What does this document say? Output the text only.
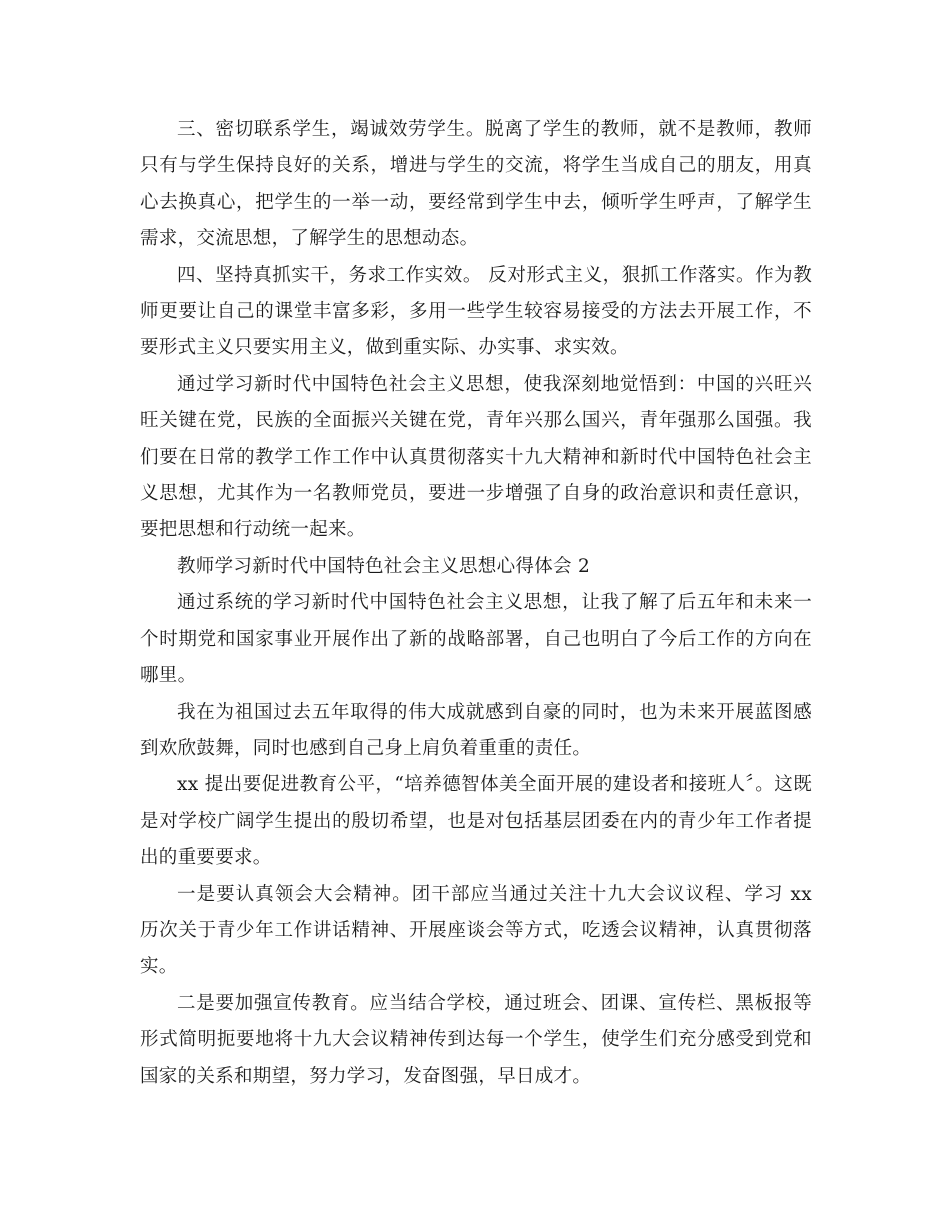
三、密切联系学生，竭诚效劳学生。脱离了学生的教师，就不是教师，教师只有与学生保持良好的关系，增进与学生的交流，将学生当成自己的朋友，用真心去换真心，把学生的一举一动，要经常到学生中去，倾听学生呼声，了解学生需求，交流思想，了解学生的思想动态。

四、坚持真抓实干，务求工作实效。 反对形式主义，狠抓工作落实。作为教师更要让自己的课堂丰富多彩，多用一些学生较容易接受的方法去开展工作，不要形式主义只要实用主义，做到重实际、办实事、求实效。

通过学习新时代中国特色社会主义思想，使我深刻地觉悟到：中国的兴旺兴旺关键在党，民族的全面振兴关键在党，青年兴那么国兴，青年强那么国强。我们要在日常的教学工作工作中认真贯彻落实十九大精神和新时代中国特色社会主义思想，尤其作为一名教师党员，要进一步增强了自身的政治意识和责任意识，要把思想和行动统一起来。

教师学习新时代中国特色社会主义思想心得体会 2

通过系统的学习新时代中国特色社会主义思想，让我了解了后五年和未来一个时期党和国家事业开展作出了新的战略部署，自己也明白了今后工作的方向在哪里。

我在为祖国过去五年取得的伟大成就感到自豪的同时，也为未来开展蓝图感到欢欣鼓舞，同时也感到自己身上肩负着重重的责任。

xx 提出要促进教育公平，“培养德智体美全面开展的建设者和接班人〞。这既是对学校广阔学生提出的殷切希望，也是对包括基层团委在内的青少年工作者提出的重要要求。

一是要认真领会大会精神。团干部应当通过关注十九大会议议程、学习 xx 历次关于青少年工作讲话精神、开展座谈会等方式，吃透会议精神，认真贯彻落实。

二是要加强宣传教育。应当结合学校，通过班会、团课、宣传栏、黑板报等形式简明扼要地将十九大会议精神传到达每一个学生，使学生们充分感受到党和国家的关系和期望，努力学习，发奋图强，早日成才。
